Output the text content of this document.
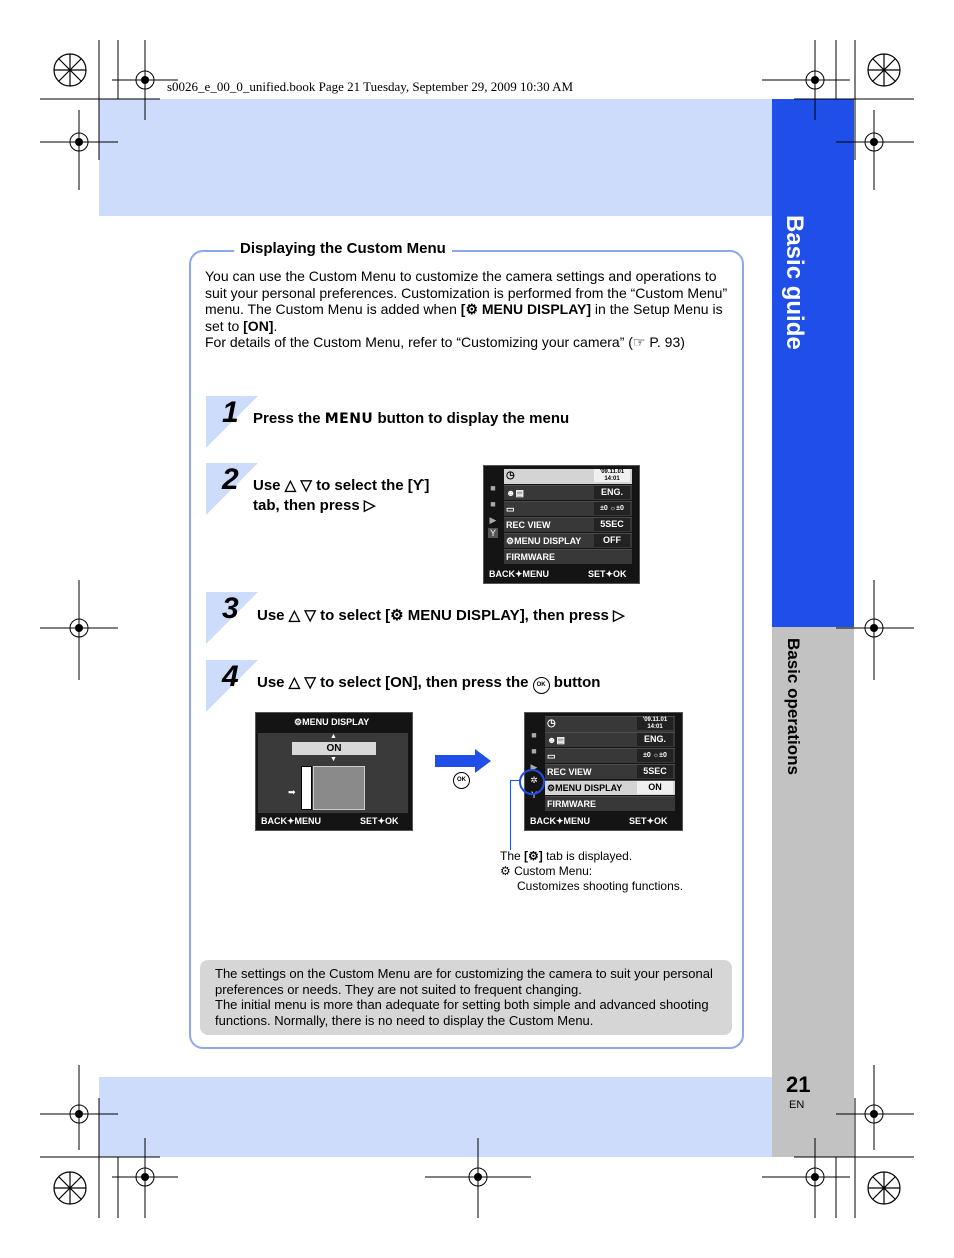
Basic guide
Basic operations
21
EN
s0026_e_00_0_unified.book Page 21 Tuesday, September 29, 2009 10:30 AM
Displaying the Custom Menu
You can use the Custom Menu to customize the camera settings and operations to suit your personal preferences. Customization is performed from the “Custom Menu” menu. The Custom Menu is added when [⚙ MENU DISPLAY] in the Setup Menu is set to [ON].
For details of the Custom Menu, refer to “Customizing your camera” (☞ P. 93)
1 Press the MENU button to display the menu
2 Use △ ▽ to select the [ϒ]
tab, then press ▷
3 Use △ ▽ to select [⚙ MENU DISPLAY], then press ▷
4 Use △ ▽ to select [ON], then press the OK button
■
■
▶
Y
◷	'09.11.01
14:01
☻▤	ENG.
▭	±0 ☼±0
REC VIEW	5SEC
⚙MENU DISPLAY	OFF
FIRMWARE
BACK✦MENU	SET✦OK
⚙MENU DISPLAY
▲
ON
▼
➡
BACK✦MENU	SET✦OK
OK
■
■
▶
✲
Y
◷	'09.11.01
14:01
☻▤	ENG.
▭	±0 ☼±0
REC VIEW	5SEC
⚙MENU DISPLAY	ON
FIRMWARE
BACK✦MENU	SET✦OK
The [⚙] tab is displayed.
⚙ Custom Menu:
Customizes shooting functions.
The settings on the Custom Menu are for customizing the camera to suit your personal preferences or needs. They are not suited to frequent changing.
The initial menu is more than adequate for setting both simple and advanced shooting functions. Normally, there is no need to display the Custom Menu.
